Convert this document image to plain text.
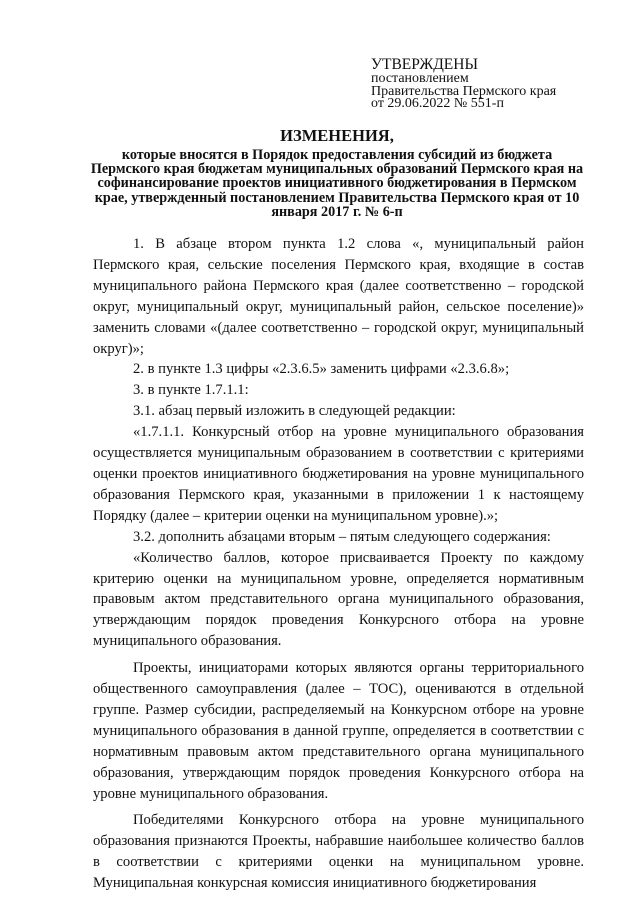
УТВЕРЖДЕНЫ
постановлением
Правительства Пермского края
от 29.06.2022 № 551-п
ИЗМЕНЕНИЯ,
которые вносятся в Порядок предоставления субсидий из бюджета Пермского края бюджетам муниципальных образований Пермского края на софинансирование проектов инициативного бюджетирования в Пермском крае, утвержденный постановлением Правительства Пермского края от 10 января 2017 г. № 6-п

1. В абзаце втором пункта 1.2 слова «, муниципальный район Пермского края, сельские поселения Пермского края, входящие в состав муниципального района Пермского края (далее соответственно – городской округ, муниципальный округ, муниципальный район, сельское поселение)» заменить словами «(далее соответственно – городской округ, муниципальный округ)»;

2. в пункте 1.3 цифры «2.3.6.5» заменить цифрами «2.3.6.8»;

3. в пункте 1.7.1.1:

3.1. абзац первый изложить в следующей редакции:

«1.7.1.1. Конкурсный отбор на уровне муниципального образования осуществляется муниципальным образованием в соответствии с критериями оценки проектов инициативного бюджетирования на уровне муниципального образования Пермского края, указанными в приложении 1 к настоящему Порядку (далее – критерии оценки на муниципальном уровне).»;

3.2. дополнить абзацами вторым – пятым следующего содержания:

«Количество баллов, которое присваивается Проекту по каждому критерию оценки на муниципальном уровне, определяется нормативным правовым актом представительного органа муниципального образования, утверждающим порядок проведения Конкурсного отбора на уровне муниципального образования.

Проекты, инициаторами которых являются органы территориального общественного самоуправления (далее – ТОС), оцениваются в отдельной группе. Размер субсидии, распределяемый на Конкурсном отборе на уровне муниципального образования в данной группе, определяется в соответствии с нормативным правовым актом представительного органа муниципального образования, утверждающим порядок проведения Конкурсного отбора на уровне муниципального образования.

Победителями Конкурсного отбора на уровне муниципального образования признаются Проекты, набравшие наибольшее количество баллов в соответствии с критериями оценки на муниципальном уровне. Муниципальная конкурсная комиссия инициативного бюджетирования
